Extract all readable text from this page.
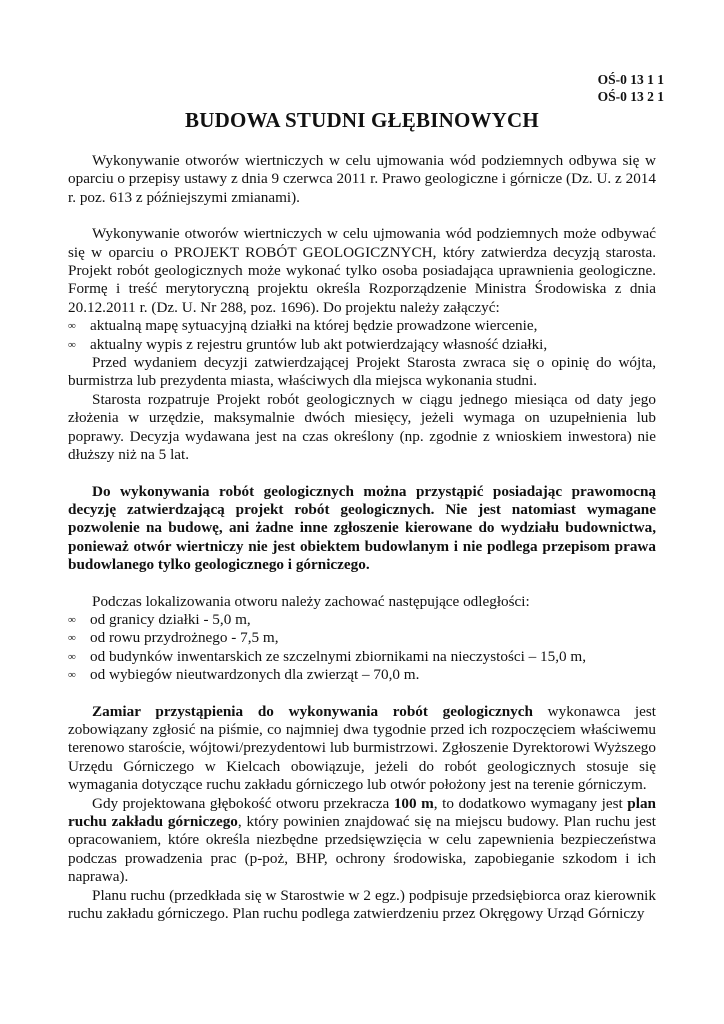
OŚ-0 13 1 1
OŚ-0 13 2 1
BUDOWA STUDNI GŁĘBINOWYCH

Wykonywanie otworów wiertniczych w celu ujmowania wód podziemnych odbywa się w oparciu o przepisy ustawy z dnia 9 czerwca 2011 r. Prawo geologiczne i górnicze (Dz. U. z 2014 r. poz. 613 z późniejszymi zmianami).

Wykonywanie otworów wiertniczych w celu ujmowania wód podziemnych może odbywać się w oparciu o PROJEKT ROBÓT GEOLOGICZNYCH, który zatwierdza decyzją starosta. Projekt robót geologicznych może wykonać tylko osoba posiadająca uprawnienia geologiczne. Formę i treść merytoryczną projektu określa Rozporządzenie Ministra Środowiska z dnia 20.12.2011 r. (Dz. U. Nr 288, poz. 1696). Do projektu należy załączyć:

∞ aktualną mapę sytuacyjną działki na której będzie prowadzone wiercenie,
∞ aktualny wypis z rejestru gruntów lub akt potwierdzający własność działki,

Przed wydaniem decyzji zatwierdzającej Projekt Starosta zwraca się o opinię do wójta, burmistrza lub prezydenta miasta, właściwych dla miejsca wykonania studni.

Starosta rozpatruje Projekt robót geologicznych w ciągu jednego miesiąca od daty jego złożenia w urzędzie, maksymalnie dwóch miesięcy, jeżeli wymaga on uzupełnienia lub poprawy. Decyzja wydawana jest na czas określony (np. zgodnie z wnioskiem inwestora) nie dłuższy niż na 5 lat.

Do wykonywania robót geologicznych można przystąpić posiadając prawomocną decyzję zatwierdzającą projekt robót geologicznych. Nie jest natomiast wymagane pozwolenie na budowę, ani żadne inne zgłoszenie kierowane do wydziału budownictwa, ponieważ otwór wiertniczy nie jest obiektem budowlanym i nie podlega przepisom prawa budowlanego tylko geologicznego i górniczego.

Podczas lokalizowania otworu należy zachować następujące odległości:

∞ od granicy działki - 5,0 m,
∞ od rowu przydrożnego - 7,5 m,
∞ od budynków inwentarskich ze szczelnymi zbiornikami na nieczystości – 15,0 m,
∞ od wybiegów nieutwardzonych dla zwierząt – 70,0 m.

Zamiar przystąpienia do wykonywania robót geologicznych wykonawca jest zobowiązany zgłosić na piśmie, co najmniej dwa tygodnie przed ich rozpoczęciem właściwemu terenowo staroście, wójtowi/prezydentowi lub burmistrzowi. Zgłoszenie Dyrektorowi Wyższego Urzędu Górniczego w Kielcach obowiązuje, jeżeli do robót geologicznych stosuje się wymagania dotyczące ruchu zakładu górniczego lub otwór położony jest na terenie górniczym.

Gdy projektowana głębokość otworu przekracza 100 m, to dodatkowo wymagany jest plan ruchu zakładu górniczego, który powinien znajdować się na miejscu budowy. Plan ruchu jest opracowaniem, które określa niezbędne przedsięwzięcia w celu zapewnienia bezpieczeństwa podczas prowadzenia prac (p-poż, BHP, ochrony środowiska, zapobieganie szkodom i ich naprawa).

Planu ruchu (przedkłada się w Starostwie w 2 egz.) podpisuje przedsiębiorca oraz kierownik ruchu zakładu górniczego. Plan ruchu podlega zatwierdzeniu przez Okręgowy Urząd Górniczy
